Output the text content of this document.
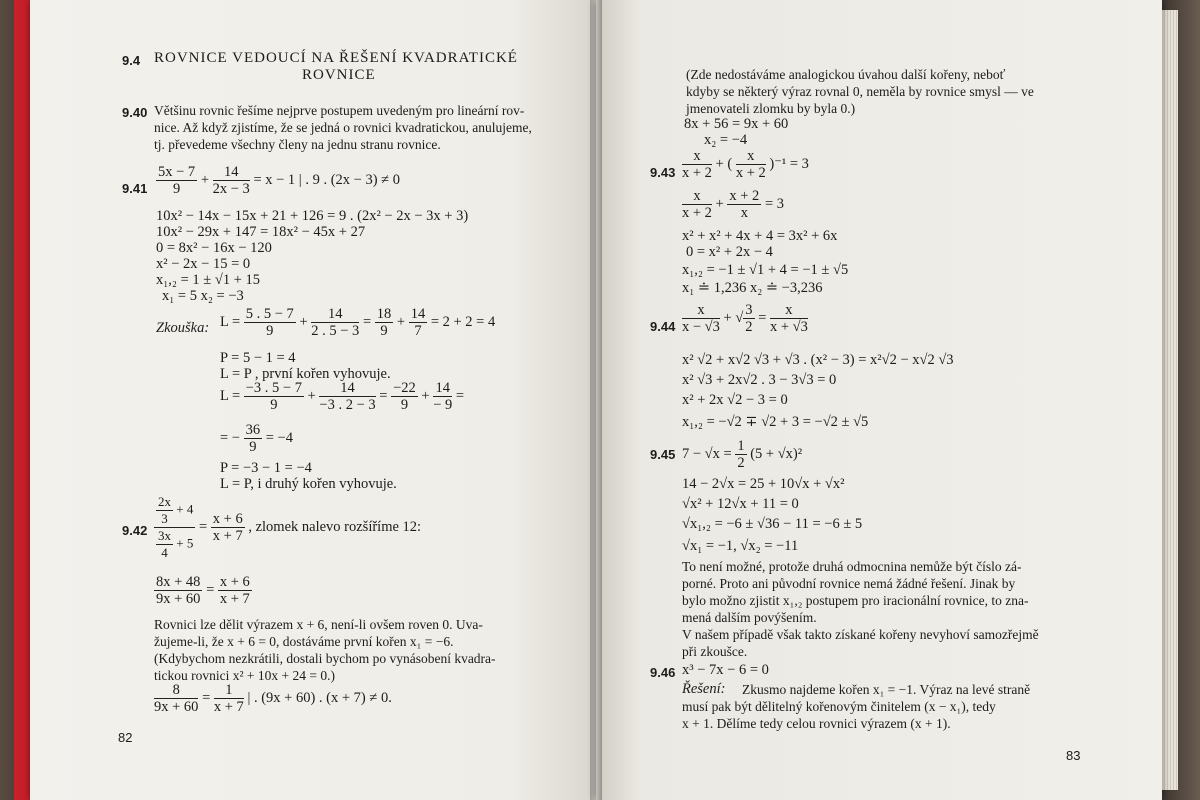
9.4 ROVNICE VEDOUCÍ NA ŘEŠENÍ KVADRATICKÉ
ROVNICE
9.40 Většinu rovnic řešíme nejprve postupem uvedeným pro lineární rov-
nice. Až když zjistíme, že se jedná o rovnici kvadratickou, anulujeme,
tj. převedeme všechny členy na jednu stranu rovnice.
$9.41 \frac{5x - 7}{9} + \frac{14}{2x - 3} = x - 1$ | . 9 . (2x − 3) ≠ 0
10x² − 14x − 15x + 21 + 126 = 9 . (2x² − 2x − 3x + 3)
10x² − 29x + 147 = 18x² − 45x + 27
0 = 8x² − 16x − 120
x² − 2x − 15 = 0
x₁,₂ = 1 ± √1 + 15
x₁ = 5 x₂ = −3
Zkouška: $L = \frac{5 . 5 - 7}{9} + \frac{14}{2 . 5 - 3} = \frac{18}{9} + \frac{14}{7} = 2 + 2 = 4$
P = 5 − 1 = 4
L = P , první kořen vyhovuje.
$L = \frac{-3 . 5 - 7}{9} + \frac{14}{-3 . 2 - 3} = \frac{-22}{9} + \frac{14}{- 9}$ =
= − $\frac{36}{9} = -4$
P = −3 − 1 = −4
L = P, i druhý kořen vyhovuje.
$9.42 \frac{\frac{2x}{3} + 4}{\frac{3x}{4} + 5} = \frac{x + 6}{x + 7}$ , zlomek nalevo rozšíříme 12:
$\frac{8x + 48}{9x + 60} = \frac{x + 6}{x + 7}$
Rovnici lze dělit výrazem x + 6, není-li ovšem roven 0. Uva-
žujeme-li, že x + 6 = 0, dostáváme první kořen x₁ = −6.
(Kdybychom nezkrátili, dostali bychom po vynásobení kvadra-
tickou rovnici x² + 10x + 24 = 0.)
$\frac{8}{9x + 60} = \frac{1}{x + 7}$ | . (9x + 60) . (x + 7) ≠ 0.
82
(Zde nedostáváme analogickou úvahou další kořeny, neboť
kdyby se některý výraz rovnal 0, neměla by rovnice smysl — ve
jmenovateli zlomku by byla 0.)
8x + 56 = 9x + 60
x₂ = −4
$9.43 \frac{x}{x + 2}$ + ( $\frac{x}{x + 2} )^{-1} = 3$
$\frac{x}{x + 2} + \frac{x + 2}{x} = 3$
x² + x² + 4x + 4 = 3x² + 6x
0 = x² + 2x − 4
x₁,₂ = −1 ± √1 + 4 = −1 ± √5
x₁ ≐ 1,236 x₂ ≐ −3,236
$9.44 \frac{x}{x - √3}$ + √ $\frac{3}{2} = \frac{x}{x + √3}$
x² √2 + x√2 √3 + √3 . (x² − 3) = x²√2 − x√2 √3
x² √3 + 2x√2 . 3 − 3√3 = 0
x² + 2x √2 − 3 = 0
x₁,₂ = −√2 ∓ √2 + 3 = −√2 ± √5
9.45 $7 - √x = \frac{1}{2} (5 + √x)^2$
14 − 2√x = 25 + 10√x + √x²
√x² + 12√x + 11 = 0
√x₁,₂ = −6 ± √36 − 11 = −6 ± 5
√x₁ = −1, √x₂ = −11
To není možné, protože druhá odmocnina nemůže být číslo zá-
porné. Proto ani původní rovnice nemá žádné řešení. Jinak by
bylo možno zjistit x₁,₂ postupem pro iracionální rovnice, to zna-
mená dalším povýšením.
V našem případě však takto získané kořeny nevyhoví samozřejmě
při zkoušce.
9.46 x³ − 7x − 6 = 0
Řešení: Zkusmo najdeme kořen x₁ = −1. Výraz na levé straně
musí pak být dělitelný kořenovým činitelem (x − x₁), tedy
x + 1. Dělíme tedy celou rovnici výrazem (x + 1).
83
